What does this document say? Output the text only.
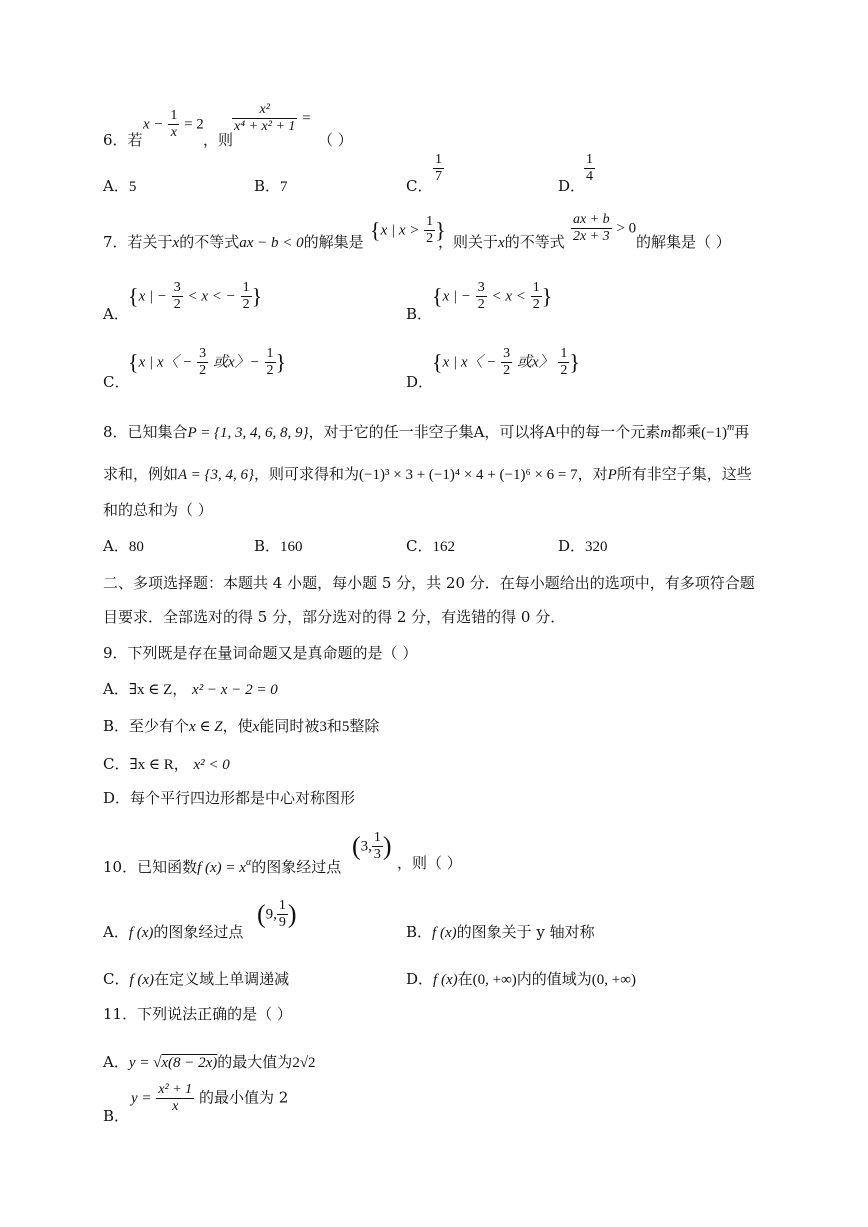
6．若
$x - \frac{1}{x} = 2$
，则
$\frac{\text{x²}}{\text{x⁴ + x² + 1}}$ =
（ ）
A．5	B．7	C．
$\frac{1}{7}$
D．
$\frac{1}{4}$
7．若关于x的不等式ax − b < 0的解集是 {x | $x > \frac{1}{2}$ }
，则关于x的不等式 $\frac{ax + b}{2x + 3} > 0$
的解集是（ ）
A．
{x | − $\frac{3}{2} < x$ < − $\frac{1}{2}$ }
B．
{x | − $\frac{3}{2} < x < \frac{1}{2}$ }
C．
{x | x〈 − $\frac{3}{2}$ 或x〉− $\frac{1}{2}$ }
D．
{x | x〈 − $\frac{3}{2}$ 或x〉 $\frac{1}{2}$ }
8．已知集合P = {1, 3, 4, 6, 8, 9}，对于它的任一非空子集A，可以将A中的每一个元素m都乘$(-1)^m$再
求和，例如A = {3, 4, 6}，则可求得和为(−1)³ × 3 + (−1)⁴ × 4 + (−1)⁶ × 6 = 7，对P所有非空子集，这些
和的总和为（ ）
A．80	B．160	C．162	D．320
二、多项选择题：本题共 4 小题，每小题 5 分，共 20 分．在每小题给出的选项中，有多项符合题
目要求．全部选对的得 5 分，部分选对的得 2 分，有选错的得 0 分．
9．下列既是存在量词命题又是真命题的是（ ）
A．∃x ∈ Z， x² − x − 2 = 0
B．至少有个x ∈ Z，使x能同时被3和5整除
C．∃x ∈ R， x² < 0
D．每个平行四边形都是中心对称图形
10．已知函数f $(x) = x^\alpha$的图象经过点
(3, $\frac{1}{3}$ )
，则（ ）
A．f (x)的图象经过点
(9, $\frac{1}{9}$ )
B．f (x)的图象关于 y 轴对称
C．f (x)在定义域上单调递减	D．f (x)在(0, +∞)内的值域为(0, +∞)
11．下列说法正确的是（ ）
A．y = √x(8 − 2x)的最大值为2√2
B．
$y = \frac{\text{x² + 1}}{x}$ 的最小值为 2
